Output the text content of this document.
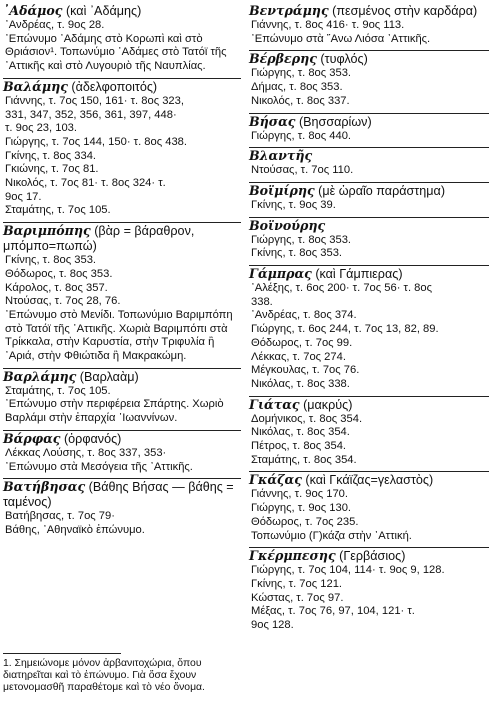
᾿Αδάμος (καὶ ᾿Αδάμης)
᾿Ανδρέας, τ. 9ος 28.
᾿Επώνυμο ᾿Αδάμης στὸ Κορωπὶ καὶ στὸ Θριάσιον¹. Τοπωνύμιο ᾿Αδάμες στὸ Τατόϊ τῆς ᾿Αττικῆς καὶ στὸ Λυγουριὸ τῆς Ναυπλίας.
Βαλάμης (ἀδελφοποιτός)
Γιάννης, τ. 7ος 150, 161· τ. 8ος 323,
331, 347, 352, 356, 361, 397, 448·
τ. 9ος 23, 103.
Γιώργης, τ. 7ος 144, 150· τ. 8ος 438.
Γκίνης, τ. 8ος 334.
Γκιώνης, τ. 7ος 81.
Νικολός, τ. 7ος 81· τ. 8ος 324· τ.
9ος 17.
Σταμάτης, τ. 7ος 105.
Βαριμπόπης (βὰρ = βάραθρον, μπόμπο=πωπώ)
Γκίνης, τ. 8ος 353.
Θόδωρος, τ. 8ος 353.
Κάρολος, τ. 8ος 357.
Ντούσας, τ. 7ος 28, 76.
᾿Επώνυμο στὸ Μενίδι. Τοπωνύμιο Βαριμπόπη στὸ Τατόϊ τῆς ᾿Αττικῆς. Χωριὰ Βαριμπόπι στὰ Τρίκκαλα, στὴν Καρυστία, στὴν Τριφυλία ἢ ᾿Αριά, στὴν Φθιώτιδα ἢ Μακρακώμη.
Βαρλάμης (Βαρλαὰμ)
Σταμάτης, τ. 7ος 105.
᾿Επώνυμο στὴν περιφέρεια Σπάρτης. Χωριὸ Βαρλάμι στὴν ἐπαρχία ᾿Ιωαννίνων.
Βάρφας (ὀρφανός)
Λέκκας Λούσης, τ. 8ος 337, 353·
᾿Επώνυμο στὰ Μεσόγεια τῆς ᾿Αττικῆς.
Βατήβησας (Βάθης Βήσας — βάθης = ταμένος)
Βατήβησας, τ. 7ος 79·
Βάθης, ᾿Αθηναϊκὸ ἐπώνυμο.
Βεντράμης (πεσμένος στὴν καρδάρα)
Γιάννης, τ. 8ος 416· τ. 9ος 113.
᾿Επώνυμο στὰ ῎Ανω Λιόσα ᾿Αττικῆς.
Βέρβερης (τυφλός)
Γιώργης, τ. 8ος 353.
Δήμας, τ. 8ος 353.
Νικολός, τ. 8ος 337.
Βήσας (Βησσαρίων)
Γιώργης, τ. 8ος 440.
Βλαντῆς
Ντούσας, τ. 7ος 110.
Βοϊμίρης (μὲ ὡραῖο παράστημα)
Γκίνης, τ. 9ος 39.
Βοϊνούρης
Γιώργης, τ. 8ος 353.
Γκίνης, τ. 8ος 353.
Γάμπρας (καὶ Γάμπιερας)
᾿Αλέξης, τ. 6ος 200· τ. 7ος 56· τ. 8ος
338.
᾿Ανδρέας, τ. 8ος 374.
Γιώργης, τ. 6ος 244, τ. 7ος 13, 82, 89.
Θόδωρος, τ. 7ος 99.
Λέκκας, τ. 7ος 274.
Μέγκουλας, τ. 7ος 76.
Νικόλας, τ. 8ος 338.
Γιάτας (μακρύς)
Δομήνικος, τ. 8ος 354.
Νικόλας, τ. 8ος 354.
Πέτρος, τ. 8ος 354.
Σταμάτης, τ. 8ος 354.
Γκάζας (καὶ Γκάϊζας=γελαστὸς)
Γιάννης, τ. 9ος 170.
Γιώργης, τ. 9ος 130.
Θόδωρος, τ. 7ος 235.
Τοπωνύμιο (Γ)κάζα στὴν ᾿Αττική.
Γκέρμπεσης (Γερβάσιος)
Γιώργης, τ. 7ος 104, 114· τ. 9ος 9, 128.
Γκίνης, τ. 7ος 121.
Κώστας, τ. 7ος 97.
Μέξας, τ. 7ος 76, 97, 104, 121· τ.
9ος 128.
1. Σημειώνομε μόνον ἀρβανιτοχώρια, ὅπου διατηρεῖται καὶ τὸ ἐπώνυμο. Γιὰ ὅσα ἔχουν μετονομασθῆ παραθέτομε καὶ τὸ νέο ὄνομα.
